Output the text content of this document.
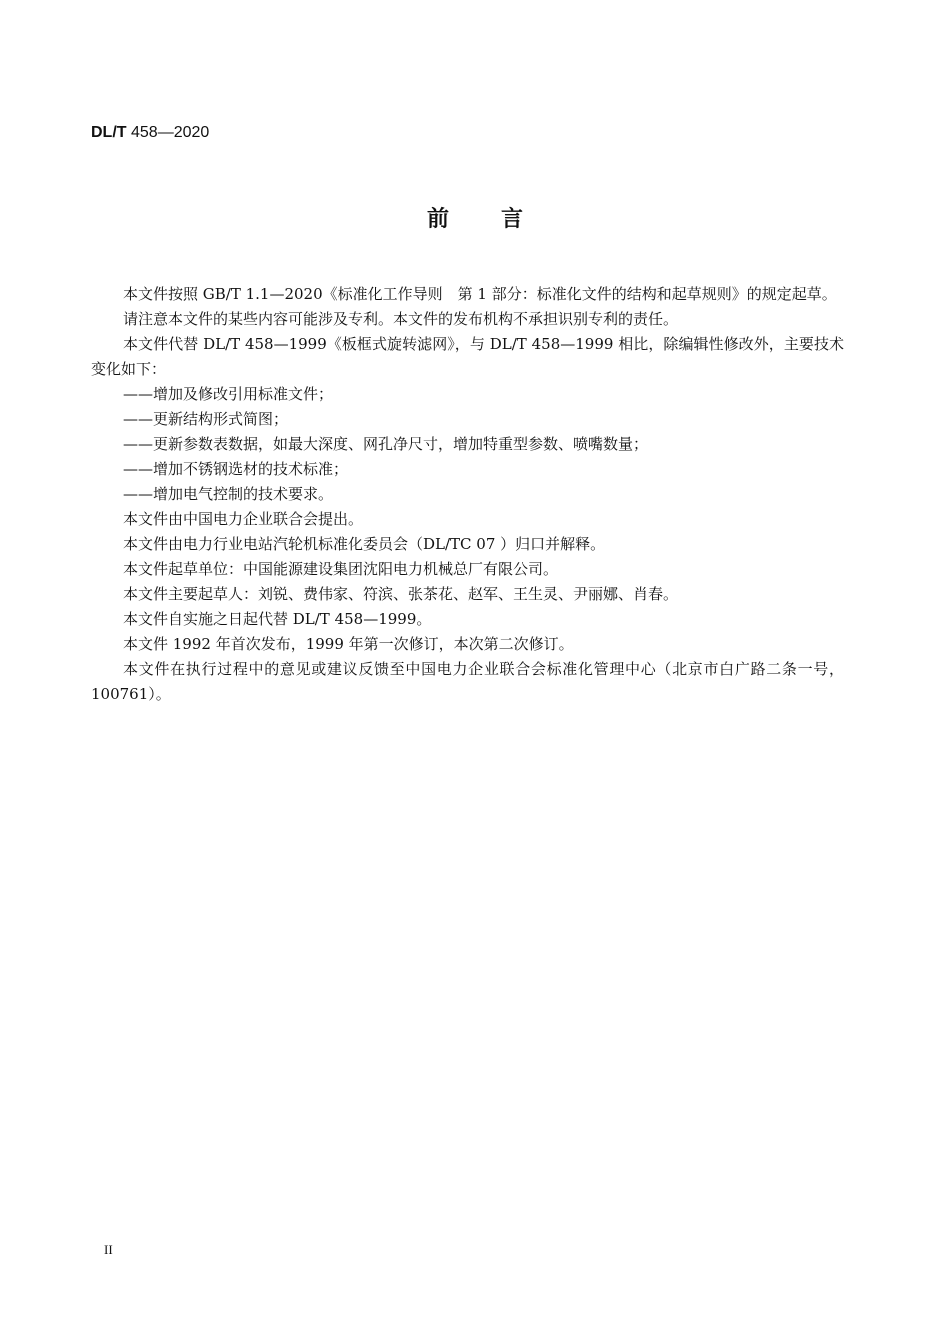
DL/T 458—2020
前言

本文件按照 GB/T 1.1—2020《标准化工作导则　第 1 部分：标准化文件的结构和起草规则》的规定起草。

请注意本文件的某些内容可能涉及专利。本文件的发布机构不承担识别专利的责任。

本文件代替 DL/T 458—1999《板框式旋转滤网》，与 DL/T 458—1999 相比，除编辑性修改外，主要技术变化如下：

——增加及修改引用标准文件；

——更新结构形式简图；

——更新参数表数据，如最大深度、网孔净尺寸，增加特重型参数、喷嘴数量；

——增加不锈钢选材的技术标准；

——增加电气控制的技术要求。

本文件由中国电力企业联合会提出。

本文件由电力行业电站汽轮机标准化委员会（DL/TC 07 ）归口并解释。

本文件起草单位：中国能源建设集团沈阳电力机械总厂有限公司。

本文件主要起草人：刘锐、费伟家、符滨、张茶花、赵军、王生灵、尹丽娜、肖春。

本文件自实施之日起代替 DL/T 458—1999。

本文件 1992 年首次发布，1999 年第一次修订，本次第二次修订。

本文件在执行过程中的意见或建议反馈至中国电力企业联合会标准化管理中心（北京市白广路二条一号，100761）。

II
